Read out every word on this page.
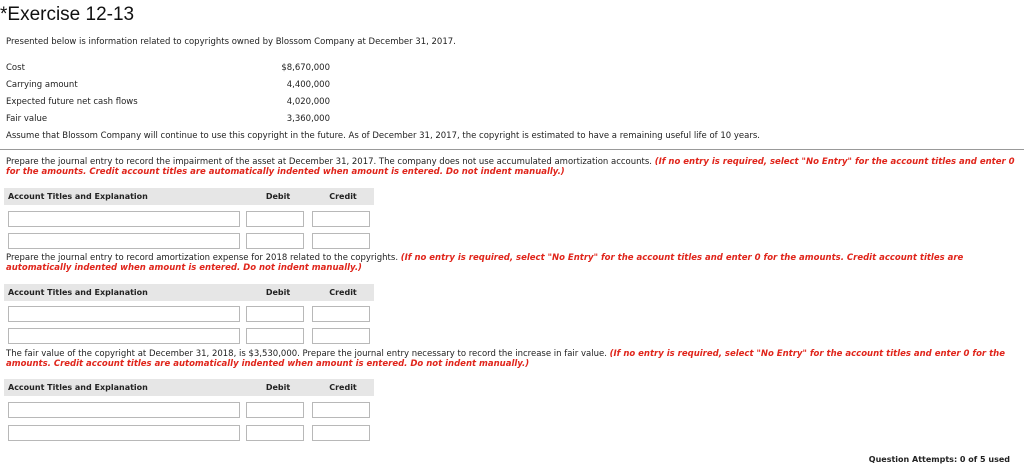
*Exercise 12-13
Presented below is information related to copyrights owned by Blossom Company at December 31, 2017.
Cost	$8,670,000
Carrying amount	4,400,000
Expected future net cash flows	4,020,000
Fair value	3,360,000
Assume that Blossom Company will continue to use this copyright in the future. As of December 31, 2017, the copyright is estimated to have a remaining useful life of 10 years.
Prepare the journal entry to record the impairment of the asset at December 31, 2017. The company does not use accumulated amortization accounts. (If no entry is required, select "No Entry" for the account titles and enter 0 for the amounts. Credit account titles are automatically indented when amount is entered. Do not indent manually.)
Account Titles and Explanation	Debit	Credit
Prepare the journal entry to record amortization expense for 2018 related to the copyrights. (If no entry is required, select "No Entry" for the account titles and enter 0 for the amounts. Credit account titles are automatically indented when amount is entered. Do not indent manually.)
Account Titles and Explanation	Debit	Credit
The fair value of the copyright at December 31, 2018, is $3,530,000. Prepare the journal entry necessary to record the increase in fair value. (If no entry is required, select "No Entry" for the account titles and enter 0 for the amounts. Credit account titles are automatically indented when amount is entered. Do not indent manually.)
Account Titles and Explanation	Debit	Credit
Question Attempts: 0 of 5 used
